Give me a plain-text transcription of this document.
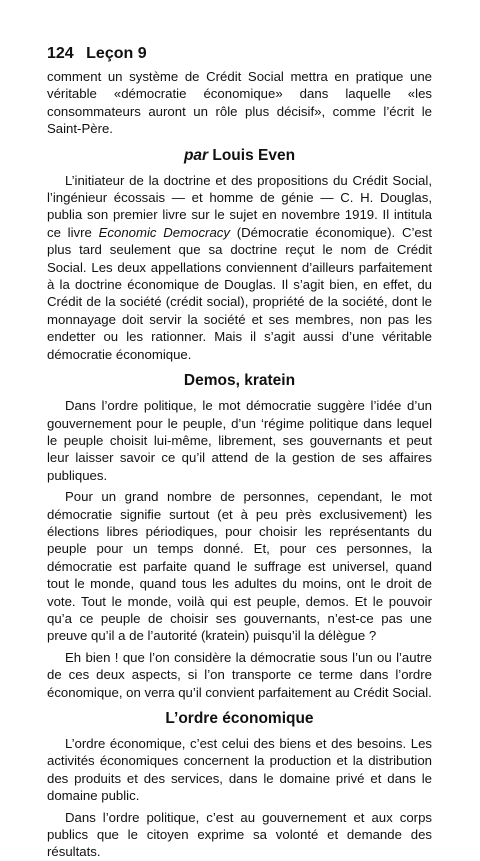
124 Leçon 9

comment un système de Crédit Social mettra en pratique une véritable «démocratie économique» dans laquelle «les consommateurs auront un rôle plus décisif», comme l’écrit le Saint-Père.

par Louis Even

L’initiateur de la doctrine et des propositions du Crédit Social, l’ingénieur écossais — et homme de génie — C. H. Douglas, publia son premier livre sur le sujet en novembre 1919. Il intitula ce livre Economic Democracy (Démocratie économique). C’est plus tard seulement que sa doctrine reçut le nom de Crédit Social. Les deux appellations conviennent d’ailleurs parfaitement à la doctrine économique de Douglas. Il s’agit bien, en effet, du Crédit de la société (crédit social), propriété de la société, dont le monnayage doit servir la société et ses membres, non pas les endetter ou les rationner. Mais il s’agit aussi d’une véritable démocratie économique.

Demos, kratein

Dans l’ordre politique, le mot démocratie suggère l’idée d’un gouvernement pour le peuple, d’un ‘régime politique dans lequel le peuple choisit lui-même, librement, ses gouvernants et peut leur laisser savoir ce qu’il attend de la gestion de ses affaires publiques.

Pour un grand nombre de personnes, cependant, le mot démocratie signifie surtout (et à peu près exclusivement) les élections libres périodiques, pour choisir les représentants du peuple pour un temps donné. Et, pour ces personnes, la démocratie est parfaite quand le suffrage est universel, quand tout le monde, quand tous les adultes du moins, ont le droit de vote. Tout le monde, voilà qui est peuple, demos. Et le pouvoir qu’a ce peuple de choisir ses gouvernants, n’est-ce pas une preuve qu’il a de l’autorité (kratein) puisqu’il la délègue ?

Eh bien ! que l’on considère la démocratie sous l’un ou l’autre de ces deux aspects, si l’on transporte ce terme dans l’ordre économique, on verra qu’il convient parfaitement au Crédit Social.

L’ordre économique

L’ordre économique, c’est celui des biens et des besoins. Les activités économiques concernent la production et la distribution des produits et des services, dans le domaine privé et dans le domaine public.

Dans l’ordre politique, c’est au gouvernement et aux corps publics que le citoyen exprime sa volonté et demande des résultats.
